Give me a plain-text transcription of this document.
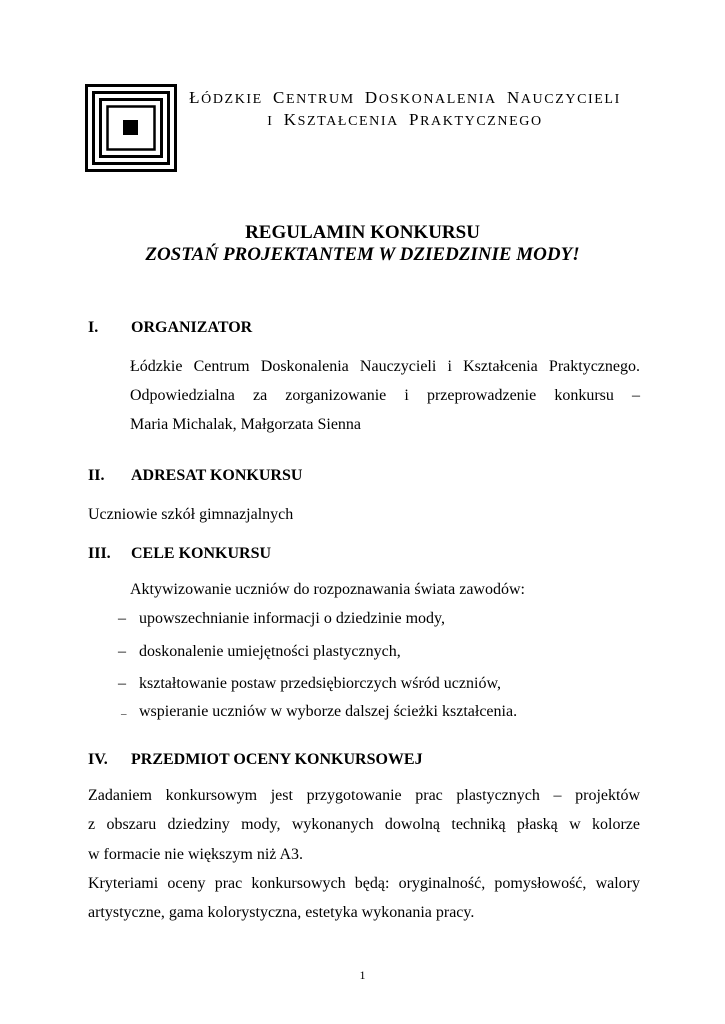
ŁÓDZKIE CENTRUM DOSKONALENIA NAUCZYCIELI
I KSZTAŁCENIA PRAKTYCZNEGO
REGULAMIN KONKURSU
ZOSTAŃ PROJEKTANTEM W DZIEDZINIE MODY!
I. ORGANIZATOR
Łódzkie Centrum Doskonalenia Nauczycieli i Kształcenia Praktycznego.
Odpowiedzialna za zorganizowanie i przeprowadzenie konkursu –
Maria Michalak, Małgorzata Sienna
II. ADRESAT KONKURSU
Uczniowie szkół gimnazjalnych
III. CELE KONKURSU
Aktywizowanie uczniów do rozpoznawania świata zawodów:
– upowszechnianie informacji o dziedzinie mody,
– doskonalenie umiejętności plastycznych,
– kształtowanie postaw przedsiębiorczych wśród uczniów,
– wspieranie uczniów w wyborze dalszej ścieżki kształcenia.
IV. PRZEDMIOT OCENY KONKURSOWEJ
Zadaniem konkursowym jest przygotowanie prac plastycznych – projektów
z obszaru dziedziny mody, wykonanych dowolną techniką płaską w kolorze
w formacie nie większym niż A3.
Kryteriami oceny prac konkursowych będą: oryginalność, pomysłowość, walory
artystyczne, gama kolorystyczna, estetyka wykonania pracy.
1
